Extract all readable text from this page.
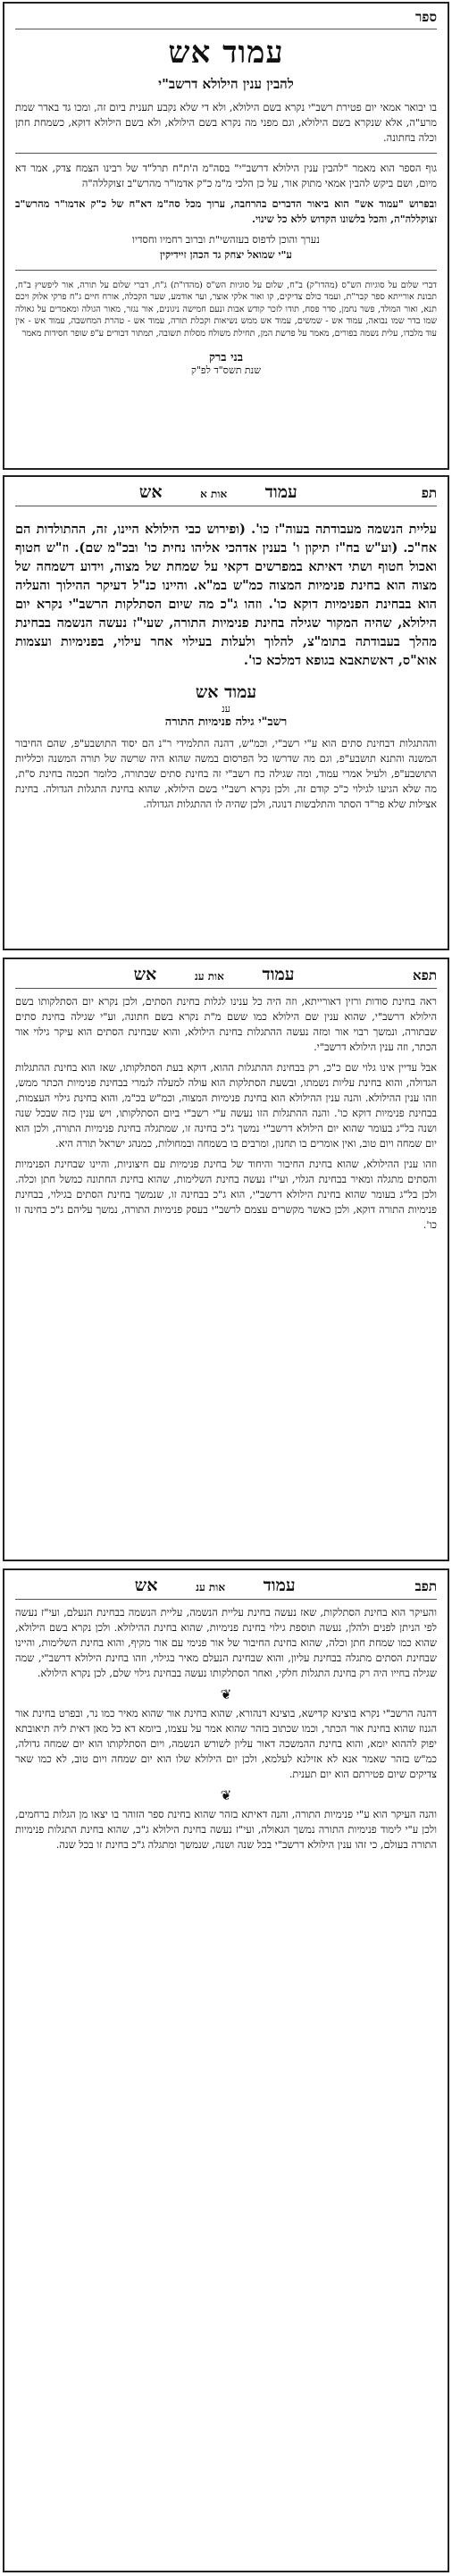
ספר
עמוד אש
להבין ענין הילולא דרשב"י

בו יבואר אמאי יום פטירת רשב"י נקרא בשם הילולא, ולא די שלא נקבע תענית ביום זה, ומכו גד באדר שמת מרע"ה, אלא שנקרא בשם הילולא, וגם מפני מה נקרא בשם הילולא, ולא בשם הילולא דוקא, כשמחת חתן וכלה בחתונה.

גוף הספר הוא מאמר "להבין ענין הילולא דרשב"י" בסה"מ ה'ת"ח תרל"ד של רבינו הצמח צדק, אמר דא מיום, ושם ביקש להבין אמאי מתוק אור, על כן הלכי מ"מ כ"ק אדמו"ר מהרש"ב זצוקללה"ה

ובפרוש "עמוד אש" הוא ביאור הדברים בהרחבה, ערוך מכל סה"מ דא"ח של כ"ק אדמו"ר מהרש"ב זצוקללה"ה, והכל בלשונו הקדוש ללא כל שינוי.

נערך והוכן לדפוס בעזהשי"ת וברוב רחמיו וחסדיו
ע"י שמואל יצחק גד הכהן זיידיקין

דברי שלום על סוגיות הש"ס (מהדו"ק) ב"ח, שלום על סוגיות הש"ס (מהדו"ת) ג"ח, דברי שלום על תורה, אור ליפשיץ ב"ח, תבונת אורייתא ספר קבר"ת, ועמד כולם צדיקים, קו ואור אלקי אוצר, וער אודמע, שער הקבלה, אורח חיים ג"ח פרקי אלוק ויכם תנא, ואור המולד, פשר נחמן, סדר פסח, תודו לזכר קודש אבות ונעם חמישה ניגונים, אור נגזר, מאור הגולה ומאמרים על גאולה שמו בדר שמו נבואה, עמוד אש - שמשים, עמוד אש ממש נשיאות וקבלת תורה, עמוד אש - טהרת המחשבה, עמוד אש - אין עוד מלבדו, עלית נשמה בפורים, מאמר על פרשת המן, תחילת משולח מסלות תשובה, תמתור דבורים ע"פ שופר חסידות מאמר

בני ברק
שנת תשס"ד לפ"ק
תפ
עמוד אות א אש

עליית הנשמה מעבודתה בעוה"ז כו'. (ופירוש כבי הילולא היינו, זה, ההתולדות הם אח"כ. (וע"ש בח"ז תיקון ו' בענין אדהכי אליהו נחית כו' ובכ"מ שם). וז"ש חטוף ואכול חטוף ושתי דאיתא במפרשים דקאי על שמחת של מצוה, וידוע דשמחה של מצוה הוא בחינת פנימיות המצוה כמ"ש במ"א. והיינו כנ"ל דעיקר ההילוך והעליה הוא בבחינת הפנימיות דוקא כו'. וזהו ג"כ מה שיום הסתלקות הרשב"י נקרא יום הילולא, שהיה המקור שגילה בחינת פנימיות התורה, שעי"ז נעשה הנשמה בבחינת מהלך בעבודתה בתומ"צ, להלוך ולעלות בעילוי אחר עילוי, בפנימיות ועצמות אוא"ס, דאשתאבא בגופא דמלכא כו'.

עמוד אש
ענ
רשב"י גילה פנימיות התורה

וההתגלות דבחינת סתים הוא ע"י רשב"י, וכמ"ש, דהנה התלמידי ר"נ הם יסוד התושבע"פ, שהם החיבור המשנה והתנא תושבע"פ, וגם מה שדרשו כל הפרסום במשה שהוא היה שרשה של תורה המשנה וכלליות התושבע"פ, ולעיל אמרי עמוד, ומה שגילה כח רשב"י זה בחינת סתים שבתורה, כלומר חכמה בחינת ס"ת, מה שלא הגיעו לגילוי כ"כ קודם זה, ולכן נקרא רשב"י בשם הילולא, שהוא בחינת התגלות הגדולה. בחינת אצילות שלא פר"ד הסתר והתלבשות דנוגה, ולכן שהיה לו ההתגלות הגדולה.

תפא
עמוד אות ענ אש

ראה בחינת סודות ורזין דאורייתא, וזה היה כל ענינו לגלות בחינת הסתים, ולכן נקרא יום הסתלקותו בשם הילולא דרשב"י, שהוא ענין שם הילולא כמו ששם מ"ת נקרא בשם חתונה, וע"י שגילה בחינת סתים שבתורה, ונמשך רבוי אור ומזה נעשה ההתגלות בחינת הילולא, והוא שבחינת הסתים הוא עיקר גילוי אור הכתר, וזה ענין הילולא דרשב"י.

אבל עדיין אינו גלוי שם כ"כ, רק בבחינת ההתגלות ההוא, דוקא בעת הסתלקותו, שאז הוא בחינת ההתגלות הגדולה, והוא בחינת עליות נשמתו, ובשעת הסתלקות הוא עולה למעלה לגמרי בבחינת פנימיות הכתר ממש, וזהו ענין ההילולא. והנה ענין ההילולא הוא בחינת פנימיות המצוה, וכמ"ש בכ"מ, והוא בחינת גילוי העצמות, בבחינת פנימיות דוקא כו'. והנה ההתגלות הזו נעשה ע"י רשב"י ביום הסתלקותו, ויש ענין כזה שבכל שנה ושנה בל"ג בעומר שהוא יום הילולא דרשב"י נמשך ג"כ בחינה זו, שמתגלה בחינת פנימיות התורה, ולכן הוא יום שמחה ויום טוב, ואין אומרים בו תחנון, ומרבים בו בשמחה ובמחולות, כמנהג ישראל תורה היא.

וזהו ענין ההילולא, שהוא בחינת החיבור והיחוד של בחינת פנימיות עם חיצוניות, והיינו שבחינת הפנימיות והסתים מתגלה ומאיר בבחינת הגלוי, ועי"ז נעשה בחינת השלימות, שהוא בחינת החתונה כמשל חתן וכלה. ולכן בל"ג בעומר שהוא בחינת הילולא דרשב"י, הוא ג"כ בבחינה זו, שנמשך בחינת הסתים בגילוי, בבחינת פנימיות התורה דוקא, ולכן כאשר מקשרים עצמם לרשב"י בעסק פנימיות התורה, נמשך עליהם ג"כ בחינה זו כו'.

תפב
עמוד אות ענ אש

והעיקר הוא בחינת הסתלקות, שאז נעשה בחינת עליית הנשמה, עליית הנשמה בבחינת הנעלם, ועי"ז נעשה לפי הניתן לפנים ולהלן, נעשה תוספת גילוי בחינת פנימיות, שהוא בחינת ההילולא. ולכן נקרא בשם הילולא, שהוא כמו שמחת חתן וכלה, שהוא בחינת החיבור של אור פנימי עם אור מקיף, והוא בחינת השלימות, והיינו שבחינת הסתים מתגלה בבחינת עליון, והוא שבחינת הנעלם מאיר בגילוי, וזהו בחינת הילולא דרשב"י, שמה שגילה בחייו היה רק בחינת התגלות חלקי, ואחר הסתלקותו נעשה בבחינת גילוי שלם, לכן נקרא הילולא.

❦

דהנה הרשב"י נקרא בוצינא קדישא, בוצינא דנהורא, שהוא בחינת אור שהוא מאיר כמו נר, ובפרט בחינת אור הגנוז שהוא בחינת אור הכתר, וכמו שכתוב בזהר שהוא אמר על עצמו, ביומא דא כל מאן דאית ליה תיאובתא יפוק לההוא יומא, והוא בחינת ההמשכה דאור עליון לשורש הנשמה, ויום הסתלקותו הוא יום שמחה גדולה, כמ"ש בזהר שאמר אנא לא אזילנא לעלמא, ולכן יום הילולא שלו הוא יום שמחה ויום טוב, לא כמו שאר צדיקים שיום פטירתם הוא יום תענית.

❦

והנה העיקר הוא ע"י פנימיות התורה, והנה דאיתא בזהר שהוא בחינת ספר הזוהר בו יצאו מן הגלות ברחמים, ולכן ע"י לימוד פנימיות התורה נמשך הגאולה, ועי"ז נעשה בחינת הילולא ג"כ, שהוא בחינת התגלות פנימיות התורה בעולם, כי זהו ענין הילולא דרשב"י בכל שנה ושנה, שנמשך ומתגלה ג"כ בחינת זו בכל שנה.
